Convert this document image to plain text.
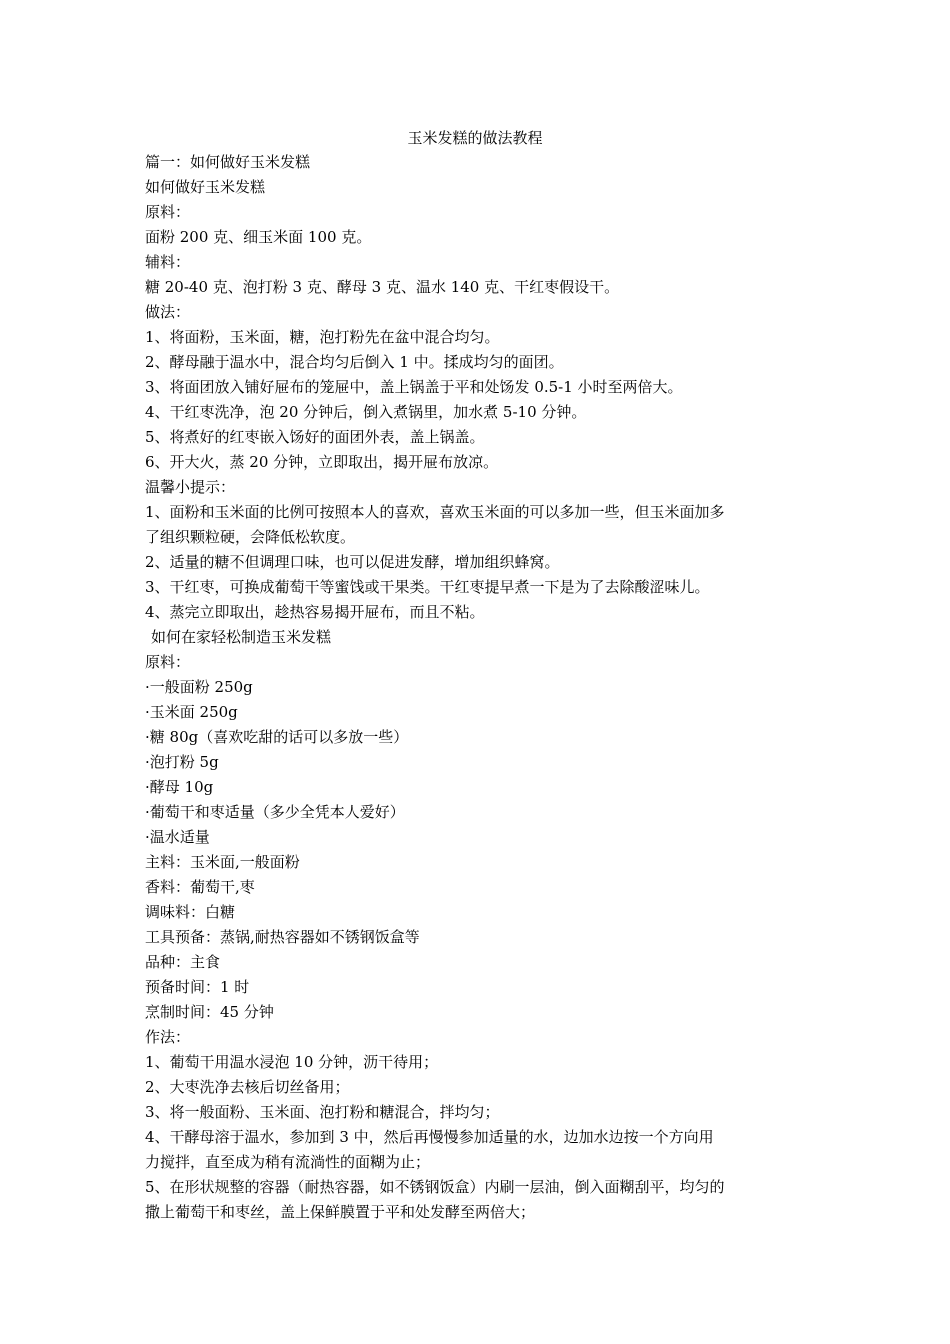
玉米发糕的做法教程
篇一：如何做好玉米发糕
如何做好玉米发糕
原料：
面粉 200 克、细玉米面 100 克。
辅料：
糖 20-40 克、泡打粉 3 克、酵母 3 克、温水 140 克、干红枣假设干。
做法：
1、将面粉，玉米面，糖，泡打粉先在盆中混合均匀。
2、酵母融于温水中，混合均匀后倒入 1 中。揉成均匀的面团。
3、将面团放入铺好屉布的笼屉中，盖上锅盖于平和处饧发 0.5-1 小时至两倍大。
4、干红枣洗净，泡 20 分钟后，倒入煮锅里，加水煮 5-10 分钟。
5、将煮好的红枣嵌入饧好的面团外表，盖上锅盖。
6、开大火，蒸 20 分钟，立即取出，揭开屉布放凉。
温馨小提示：
1、面粉和玉米面的比例可按照本人的喜欢，喜欢玉米面的可以多加一些，但玉米面加多
了组织颗粒硬，会降低松软度。
2、适量的糖不但调理口味，也可以促进发酵，增加组织蜂窝。
3、干红枣，可换成葡萄干等蜜饯或干果类。干红枣提早煮一下是为了去除酸涩味儿。
4、蒸完立即取出，趁热容易揭开屉布，而且不粘。
如何在家轻松制造玉米发糕
原料：
·一般面粉 250g
·玉米面 250g
·糖 80g（喜欢吃甜的话可以多放一些）
·泡打粉 5g
·酵母 10g
·葡萄干和枣适量（多少全凭本人爱好）
·温水适量
主料：玉米面,一般面粉
香料：葡萄干,枣
调味料：白糖
工具预备：蒸锅,耐热容器如不锈钢饭盒等
品种：主食
预备时间：1 时
烹制时间：45 分钟
作法：
1、葡萄干用温水浸泡 10 分钟，沥干待用；
2、大枣洗净去核后切丝备用；
3、将一般面粉、玉米面、泡打粉和糖混合，拌均匀；
4、干酵母溶于温水，参加到 3 中，然后再慢慢参加适量的水，边加水边按一个方向用
力搅拌，直至成为稍有流淌性的面糊为止；
5、在形状规整的容器（耐热容器，如不锈钢饭盒）内刷一层油，倒入面糊刮平，均匀的
撒上葡萄干和枣丝，盖上保鲜膜置于平和处发酵至两倍大；
